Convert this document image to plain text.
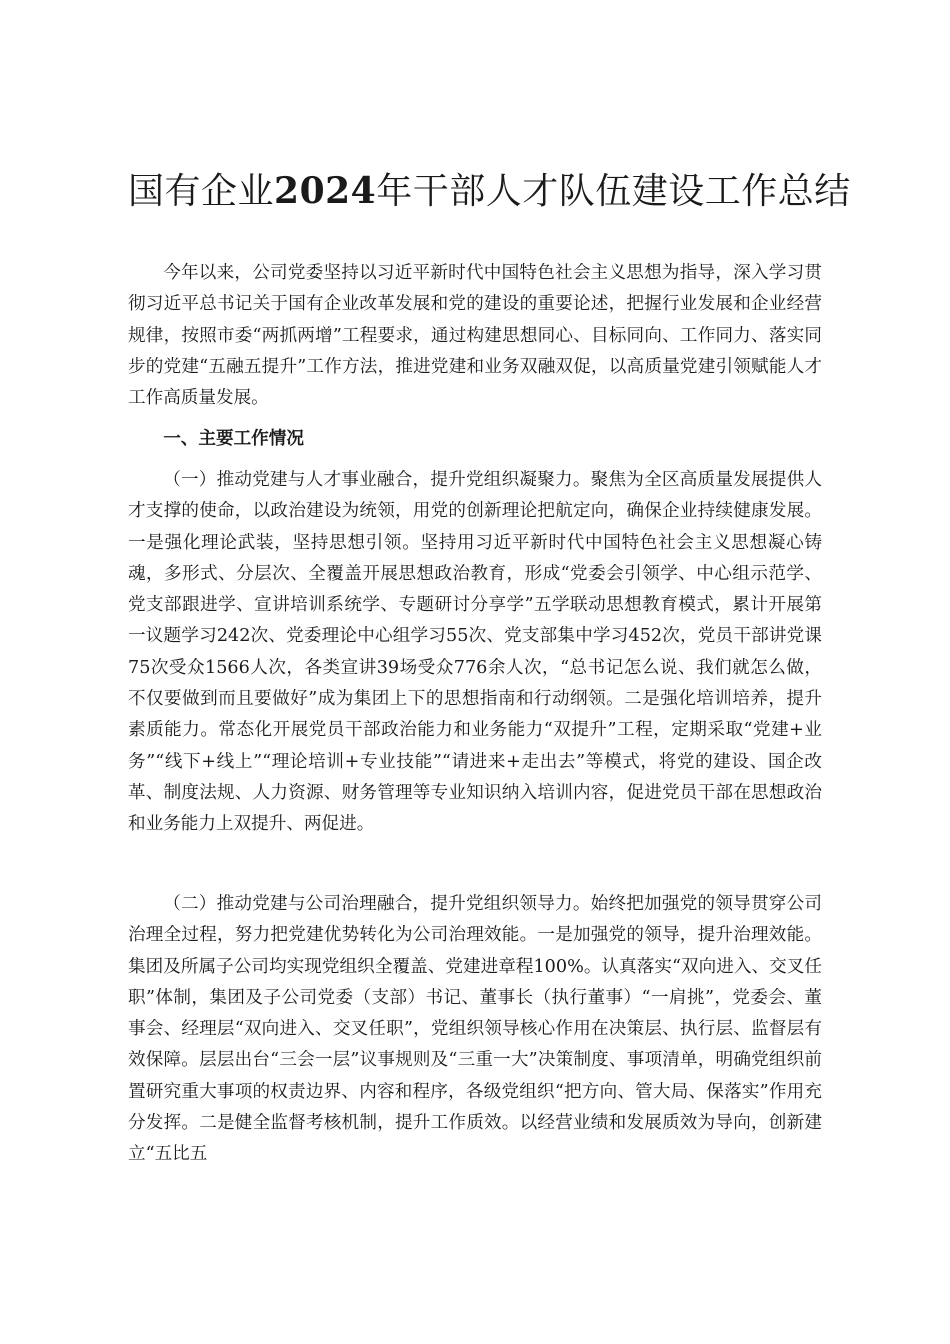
国有企业2024年干部人才队伍建设工作总结

今年以来，公司党委坚持以习近平新时代中国特色社会主义思想为指导，深入学习贯彻习近平总书记关于国有企业改革发展和党的建设的重要论述，把握行业发展和企业经营规律，按照市委“两抓两增”工程要求，通过构建思想同心、目标同向、工作同力、落实同步的党建“五融五提升”工作方法，推进党建和业务双融双促，以高质量党建引领赋能人才工作高质量发展。

一、主要工作情况

（一）推动党建与人才事业融合，提升党组织凝聚力。聚焦为全区高质量发展提供人才支撑的使命，以政治建设为统领，用党的创新理论把航定向，确保企业持续健康发展。一是强化理论武装，坚持思想引领。坚持用习近平新时代中国特色社会主义思想凝心铸魂，多形式、分层次、全覆盖开展思想政治教育，形成“党委会引领学、中心组示范学、党支部跟进学、宣讲培训系统学、专题研讨分享学”五学联动思想教育模式，累计开展第一议题学习242次、党委理论中心组学习55次、党支部集中学习452次，党员干部讲党课75次受众1566人次，各类宣讲39场受众776余人次，“总书记怎么说、我们就怎么做，不仅要做到而且要做好”成为集团上下的思想指南和行动纲领。二是强化培训培养，提升素质能力。常态化开展党员干部政治能力和业务能力“双提升”工程，定期采取“党建+业务”“线下+线上”“理论培训+专业技能”“请进来+走出去”等模式，将党的建设、国企改革、制度法规、人力资源、财务管理等专业知识纳入培训内容，促进党员干部在思想政治和业务能力上双提升、两促进。

（二）推动党建与公司治理融合，提升党组织领导力。始终把加强党的领导贯穿公司治理全过程，努力把党建优势转化为公司治理效能。一是加强党的领导，提升治理效能。集团及所属子公司均实现党组织全覆盖、党建进章程100%。认真落实“双向进入、交叉任职”体制，集团及子公司党委（支部）书记、董事长（执行董事）“一肩挑”，党委会、董事会、经理层“双向进入、交叉任职”，党组织领导核心作用在决策层、执行层、监督层有效保障。层层出台“三会一层”议事规则及“三重一大”决策制度、事项清单，明确党组织前置研究重大事项的权责边界、内容和程序，各级党组织“把方向、管大局、保落实”作用充分发挥。二是健全监督考核机制，提升工作质效。以经营业绩和发展质效为导向，创新建立“五比五
